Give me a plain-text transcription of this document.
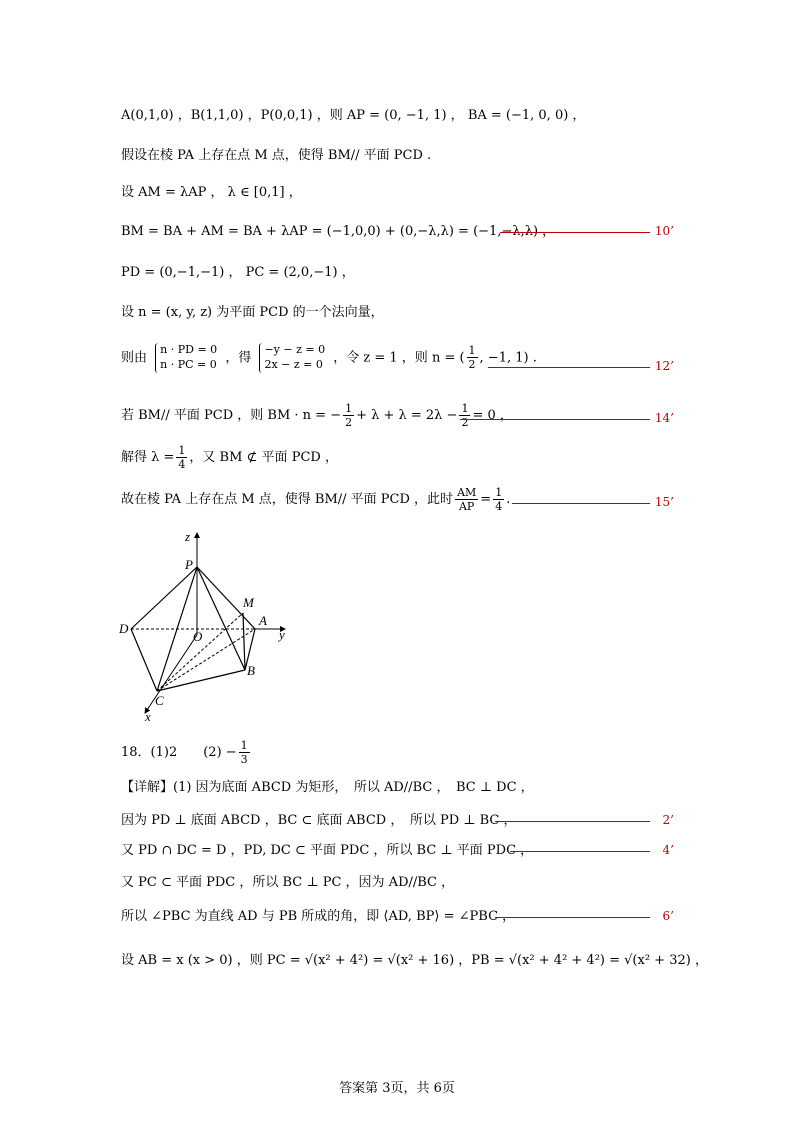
A(0,1,0) ，B(1,1,0) ，P(0,0,1) ，则 AP = (0, −1, 1) ， BA = (−1, 0, 0) ，
假设在棱 PA 上存在点 M 点，使得 BM// 平面 PCD .
设 AM = λAP ， λ ∈ [0,1] ，
BM = BA + AM = BA + λAP = (−1,0,0) + (0,−λ,λ) = (−1,−λ,λ) ，	10’
PD = (0,−1,−1) ， PC = (2,0,−1) ，
设 n = (x, y, z) 为平面 PCD 的一个法向量，
则由
n · PD = 0
n · PC = 0 ，得
−y − z = 0
2x − z = 0 ，令 z = 1 ，则 n = ( $\frac{1}{2}$ , −1, 1) .
12’
若 BM// 平面 PCD ，则 BM · n = − $\frac{1}{2} + \lambda + \lambda = 2\lambda - \frac{1}{2} = 0$ ，	14’
解得 $\lambda = \frac{1}{4}$ ，又 BM ⊄ 平面 PCD ，
故在棱 PA 上存在点 M 点，使得 BM// 平面 PCD ，此时 $\frac{AM}{AP} = \frac{1}{4}$ .	15’
z
P
M
D
O
A
y
B
C
x
18．(1)2　　$(2) - \frac{1}{3}$
【详解】(1) 因为底面 ABCD 为矩形，　所以 AD//BC ，　BC ⊥ DC ，
因为 PD ⊥ 底面 ABCD ，BC ⊂ 底面 ABCD ，　所以 PD ⊥ BC ，	2’
又 PD ∩ DC = D ，PD, DC ⊂ 平面 PDC ，所以 BC ⊥ 平面 PDC ，	4’
又 PC ⊂ 平面 PDC ，所以 BC ⊥ PC ，因为 AD//BC ，
所以 ∠PBC 为直线 AD 与 PB 所成的角，即 ⟨AD, BP⟩ = ∠PBC ，	6’
设 AB = x (x > 0) ，则 PC = √(x² + 4²) = √(x² + 16) ，PB = √(x² + 4² + 4²) = √(x² + 32) ，
答案第 3页，共 6页
